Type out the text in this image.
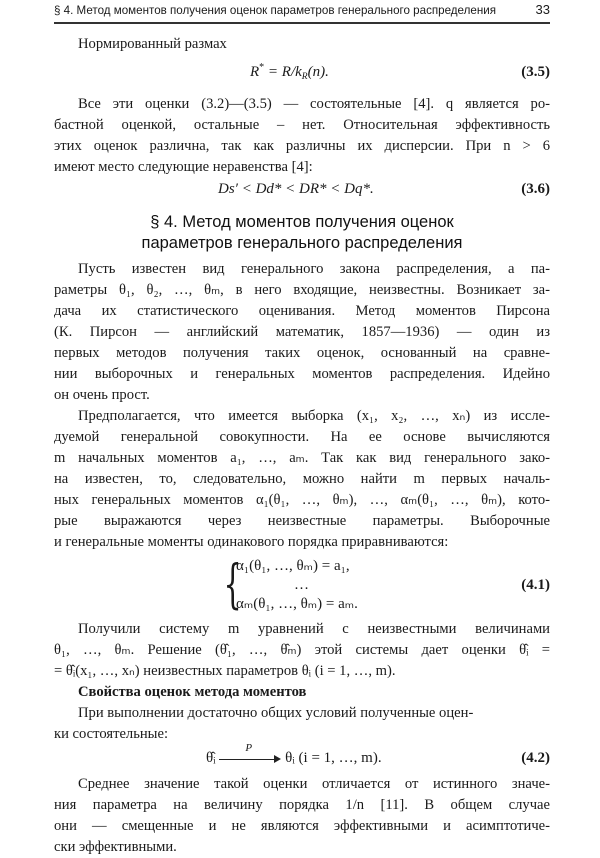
§ 4. Метод моментов получения оценок параметров генерального распределения	33
Нормированный размах
$R^* = R/k_R(n)$.	(3.5)
Все эти оценки (3.2)—(3.5) — состоятельные [4]. q является ро-
бастной оценкой, остальные – нет. Относительная эффективность
этих оценок различна, так как различны их дисперсии. При n > 6
имеют место следующие неравенства [4]:
Ds′ < Dd* < DR* < Dq*.	(3.6)
§ 4. Метод моментов получения оценок
параметров генерального распределения
Пусть известен вид генерального закона распределения, а па-
раметры θ₁, θ₂, …, θₘ, в него входящие, неизвестны. Возникает за-
дача их статистического оценивания. Метод моментов Пирсона
(К. Пирсон — английский математик, 1857—1936) — один из
первых методов получения таких оценок, основанный на сравне-
нии выборочных и генеральных моментов распределения. Идейно
он очень прост.
Предполагается, что имеется выборка (x₁, x₂, …, xₙ) из иссле-
дуемой генеральной совокупности. На ее основе вычисляются
m начальных моментов a₁, …, aₘ. Так как вид генерального зако-
на известен, то, следовательно, можно найти m первых началь-
ных генеральных моментов α₁(θ₁, …, θₘ), …, αₘ(θ₁, …, θₘ), кото-
рые выражаются через неизвестные параметры. Выборочные
и генеральные моменты одинакового порядка приравниваются:
{
α₁(θ₁, …, θₘ) = a₁,
…
αₘ(θ₁, …, θₘ) = aₘ.
(4.1)
Получили систему m уравнений с неизвестными величинами
θ₁, …, θₘ. Решение (θ̂₁, …, θ̂ₘ) этой системы дает оценки θ̂ᵢ =
= θ̂ᵢ(x₁, …, xₙ) неизвестных параметров θᵢ (i = 1, …, m).
Свойства оценок метода моментов
При выполнении достаточно общих условий полученные оцен-
ки состоятельные:
θ̂ᵢ
P
θᵢ (i = 1, …, m).	(4.2)
Среднее значение такой оценки отличается от истинного значе-
ния параметра на величину порядка 1/n [11]. В общем случае
они — смещенные и не являются эффективными и асимптотиче-
ски эффективными.
